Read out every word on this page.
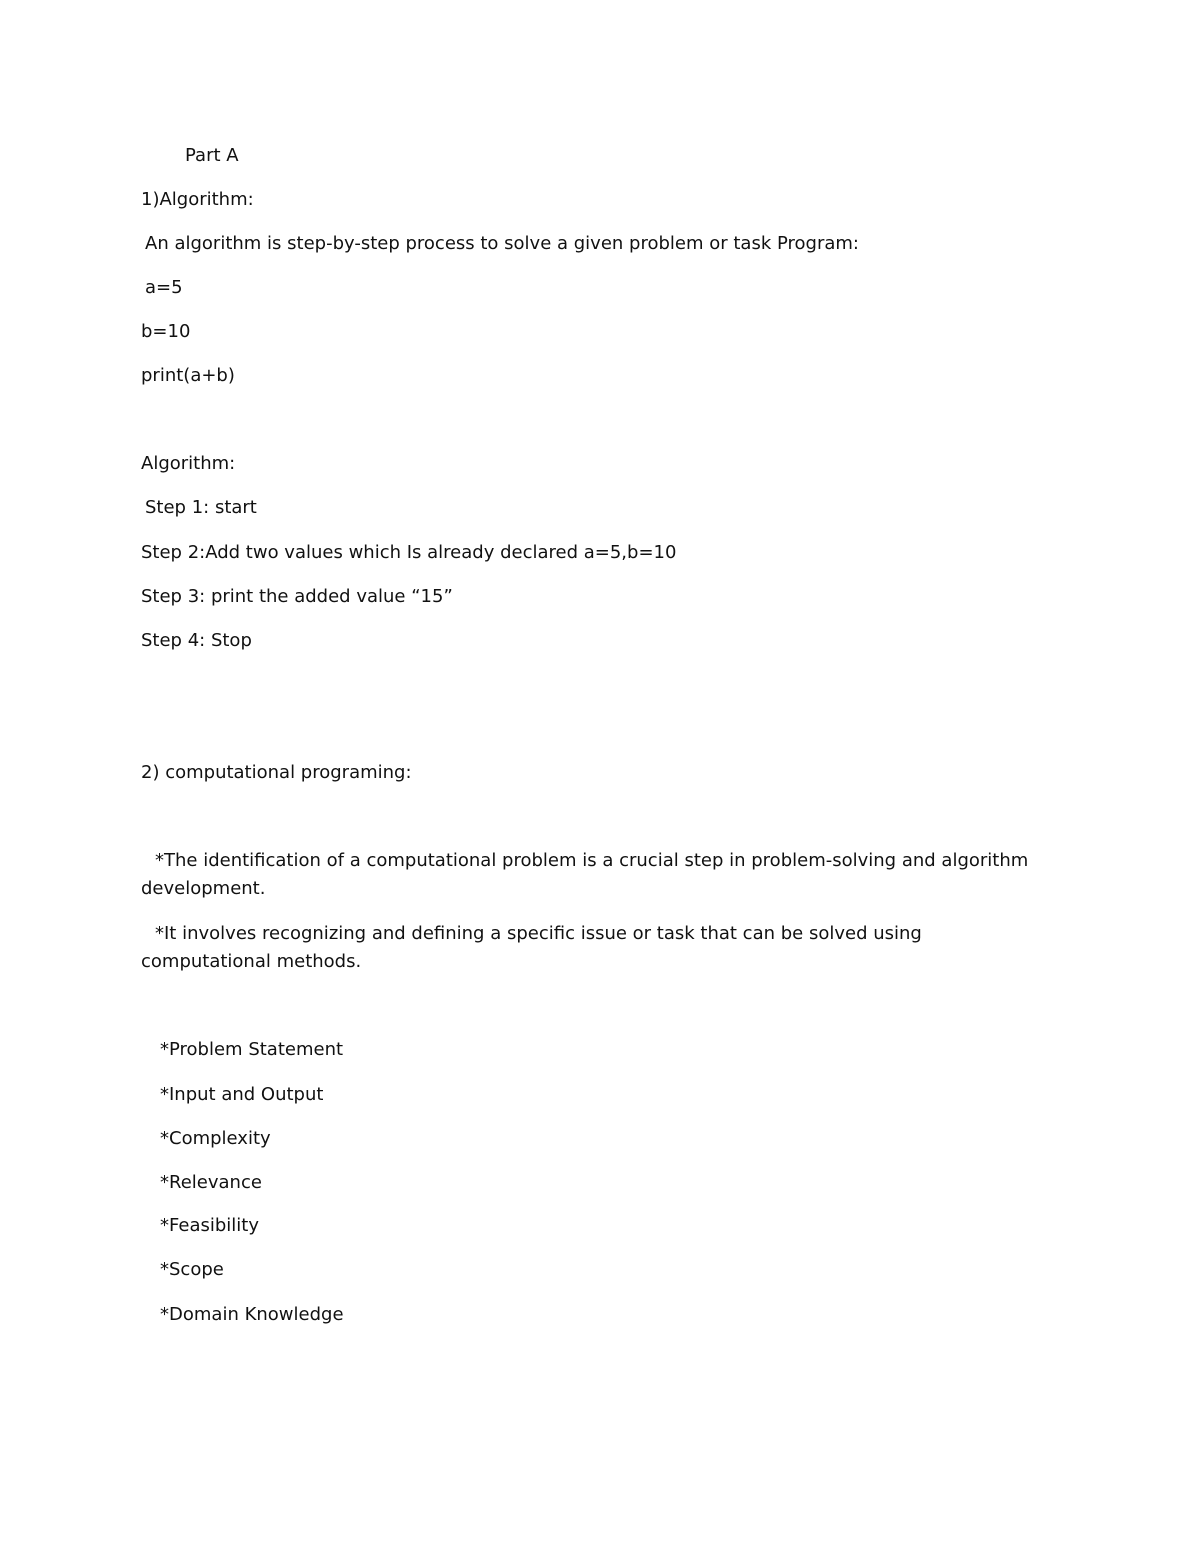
Part A
1)Algorithm:
An algorithm is step-by-step process to solve a given problem or task Program:
a=5
b=10
print(a+b)
Algorithm:
Step 1: start
Step 2:Add two values which Is already declared a=5,b=10
Step 3: print the added value “15”
Step 4: Stop
2) computational programing:
*The identification of a computational problem is a crucial step in problem-solving and algorithm development.
*It involves recognizing and defining a specific issue or task that can be solved using computational methods.
*Problem Statement
*Input and Output
*Complexity
*Relevance
*Feasibility
*Scope
*Domain Knowledge
